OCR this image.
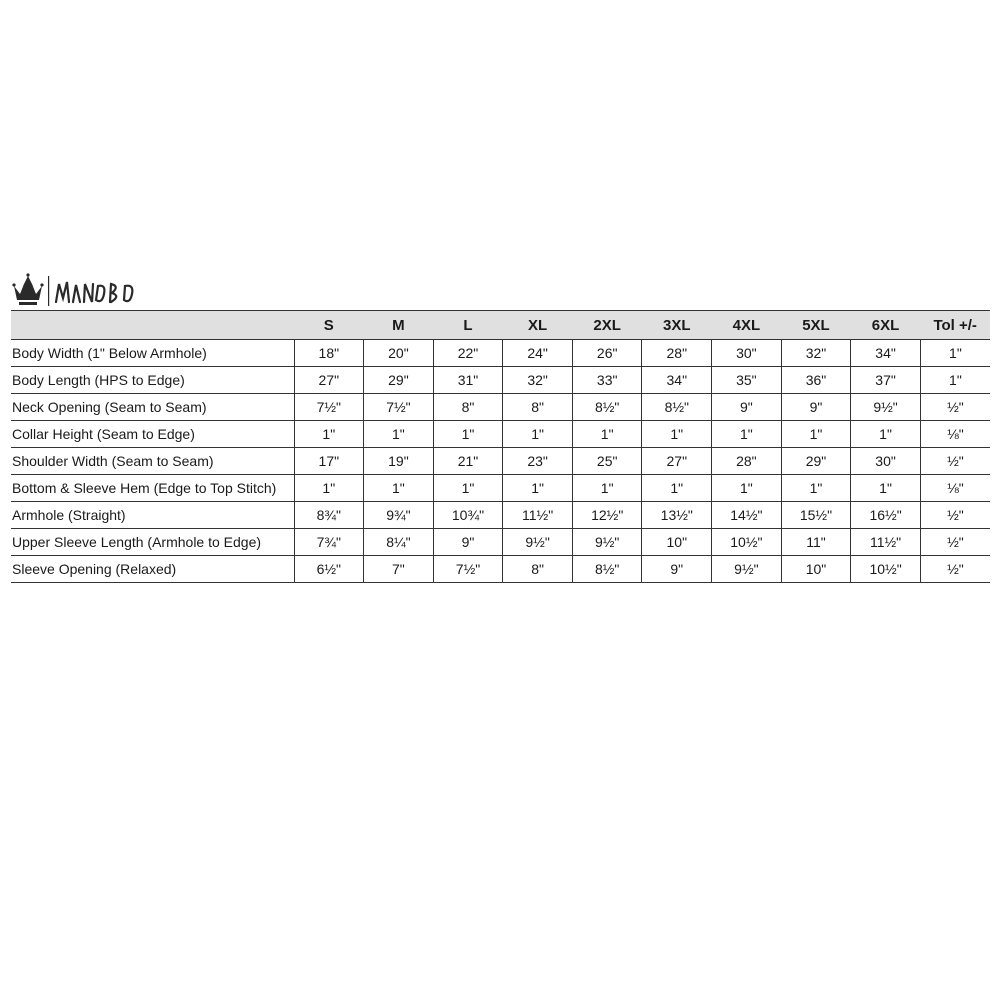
	S	M	L	XL	2XL	3XL	4XL	5XL	6XL	Tol +/-
Body Width (1" Below Armhole)	18"	20"	22"	24"	26"	28"	30"	32"	34"	1"
Body Length (HPS to Edge)	27"	29"	31"	32"	33"	34"	35"	36"	37"	1"
Neck Opening (Seam to Seam)	7½"	7½"	8"	8"	8½"	8½"	9"	9"	9½"	½"
Collar Height (Seam to Edge)	1"	1"	1"	1"	1"	1"	1"	1"	1"	⅛"
Shoulder Width (Seam to Seam)	17"	19"	21"	23"	25"	27"	28"	29"	30"	½"
Bottom & Sleeve Hem (Edge to Top Stitch)	1"	1"	1"	1"	1"	1"	1"	1"	1"	⅛"
Armhole (Straight)	8¾"	9¾"	10¾"	11½"	12½"	13½"	14½"	15½"	16½"	½"
Upper Sleeve Length (Armhole to Edge)	7¾"	8¼"	9"	9½"	9½"	10"	10½"	11"	11½"	½"
Sleeve Opening (Relaxed)	6½"	7"	7½"	8"	8½"	9"	9½"	10"	10½"	½"
